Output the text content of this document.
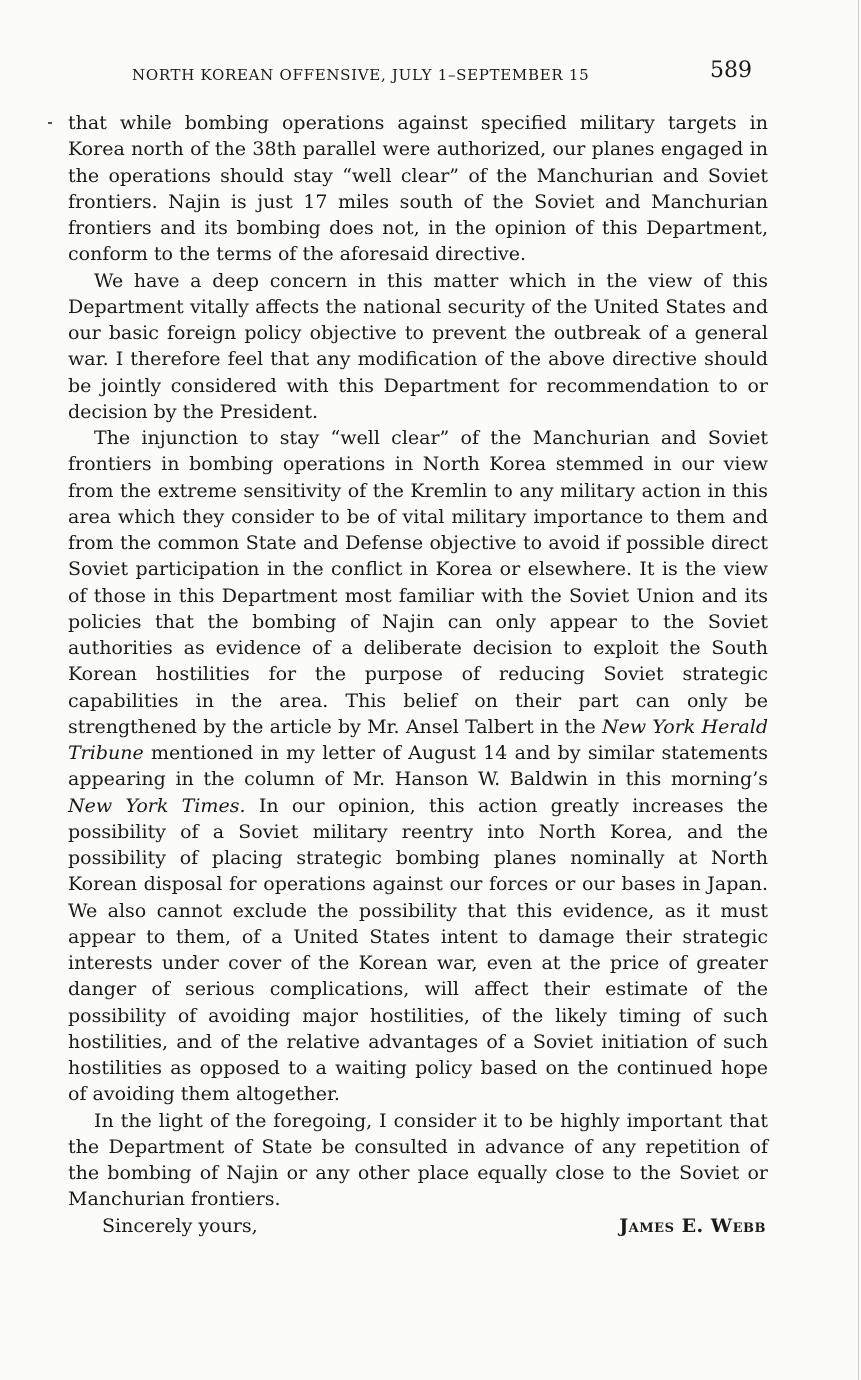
NORTH KOREAN OFFENSIVE, JULY 1–SEPTEMBER 15	589

that while bombing operations against specified military targets in Korea north of the 38th parallel were authorized, our planes engaged in the operations should stay “well clear” of the Manchurian and Soviet frontiers. Najin is just 17 miles south of the Soviet and Manchurian frontiers and its bombing does not, in the opinion of this Department, conform to the terms of the aforesaid directive.

We have a deep concern in this matter which in the view of this Department vitally affects the national security of the United States and our basic foreign policy objective to prevent the outbreak of a general war. I therefore feel that any modification of the above directive should be jointly considered with this Department for recommendation to or decision by the President.

The injunction to stay “well clear” of the Manchurian and Soviet frontiers in bombing operations in North Korea stemmed in our view from the extreme sensitivity of the Kremlin to any military action in this area which they consider to be of vital military importance to them and from the common State and Defense objective to avoid if possible direct Soviet participation in the conflict in Korea or elsewhere. It is the view of those in this Department most familiar with the Soviet Union and its policies that the bombing of Najin can only appear to the Soviet authorities as evidence of a deliberate decision to exploit the South Korean hostilities for the purpose of reducing Soviet strategic capabilities in the area. This belief on their part can only be strengthened by the article by Mr. Ansel Talbert in the New York Herald Tribune mentioned in my letter of August 14 and by similar statements appearing in the column of Mr. Hanson W. Baldwin in this morning’s New York Times. In our opinion, this action greatly increases the possibility of a Soviet military reentry into North Korea, and the possibility of placing strategic bombing planes nominally at North Korean disposal for operations against our forces or our bases in Japan. We also cannot exclude the possibility that this evidence, as it must appear to them, of a United States intent to damage their strategic interests under cover of the Korean war, even at the price of greater danger of serious complications, will affect their estimate of the possibility of avoiding major hostilities, of the likely timing of such hostilities, and of the relative advantages of a Soviet initiation of such hostilities as opposed to a waiting policy based on the continued hope of avoiding them altogether.

In the light of the foregoing, I consider it to be highly important that the Department of State be consulted in advance of any repetition of the bombing of Najin or any other place equally close to the Soviet or Manchurian frontiers.

Sincerely yours,	James E. Webb
